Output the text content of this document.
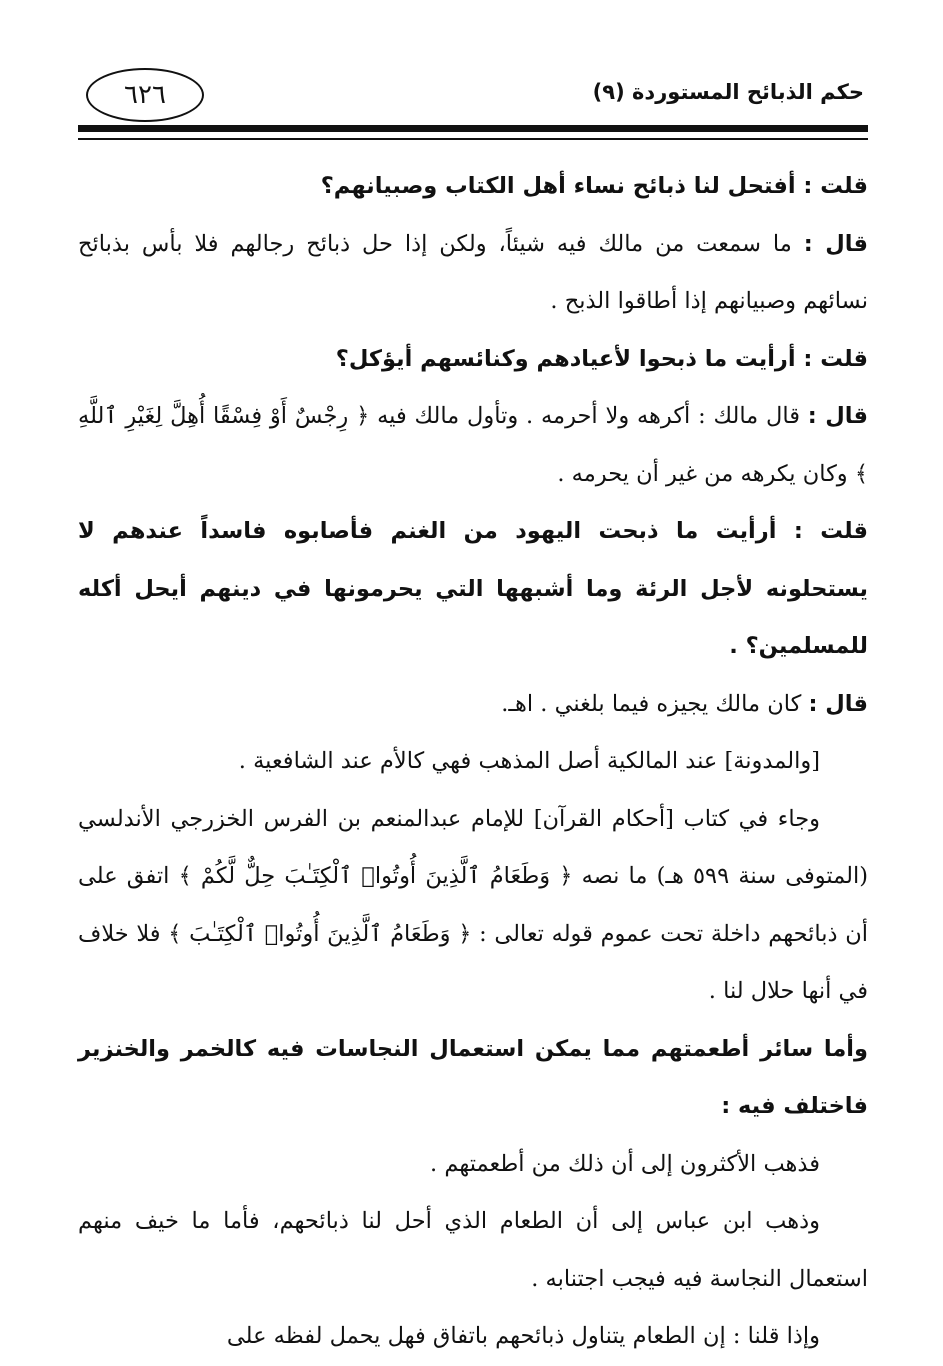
٦٢٦	(٩) حكم الذبائح المستوردة

قلت : أفتحل لنا ذبائح نساء أهل الكتاب وصبيانهم؟

قال : ما سمعت من مالك فيه شيئاً، ولكن إذا حل ذبائح رجالهم فلا بأس بذبائح نسائهم وصبيانهم إذا أطاقوا الذبح .

قلت : أرأيت ما ذبحوا لأعيادهم وكنائسهم أيؤكل؟

قال : قال مالك : أكرهه ولا أحرمه . وتأول مالك فيه ﴿ رِجْسٌ أَوْ فِسْقًا أُهِلَّ لِغَيْرِ ٱللَّهِ ﴾ وكان يكرهه من غير أن يحرمه .

قلت : أرأيت ما ذبحت اليهود من الغنم فأصابوه فاسداً عندهم لا يستحلونه لأجل الرئة وما أشبهها التي يحرمونها في دينهم أيحل أكله للمسلمين؟ .

قال : كان مالك يجيزه فيما بلغني . اهـ.

[والمدونة] عند المالكية أصل المذهب فهي كالأم عند الشافعية .

وجاء في كتاب [أحكام القرآن] للإمام عبدالمنعم بن الفرس الخزرجي الأندلسي (المتوفى سنة ٥٩٩ هـ) ما نصه ﴿ وَطَعَامُ ٱلَّذِينَ أُوتُوا۟ ٱلْكِتَـٰبَ حِلٌّ لَّكُمْ ﴾ اتفق على أن ذبائحهم داخلة تحت عموم قوله تعالى : ﴿ وَطَعَامُ ٱلَّذِينَ أُوتُوا۟ ٱلْكِتَـٰبَ ﴾ فلا خلاف في أنها حلال لنا .

وأما سائر أطعمتهم مما يمكن استعمال النجاسات فيه كالخمر والخنزير فاختلف فيه :

فذهب الأكثرون إلى أن ذلك من أطعمتهم .

وذهب ابن عباس إلى أن الطعام الذي أحل لنا ذبائحهم، فأما ما خيف منهم استعمال النجاسة فيه فيجب اجتنابه .

وإذا قلنا : إن الطعام يتناول ذبائحهم باتفاق فهل يحمل لفظه على
